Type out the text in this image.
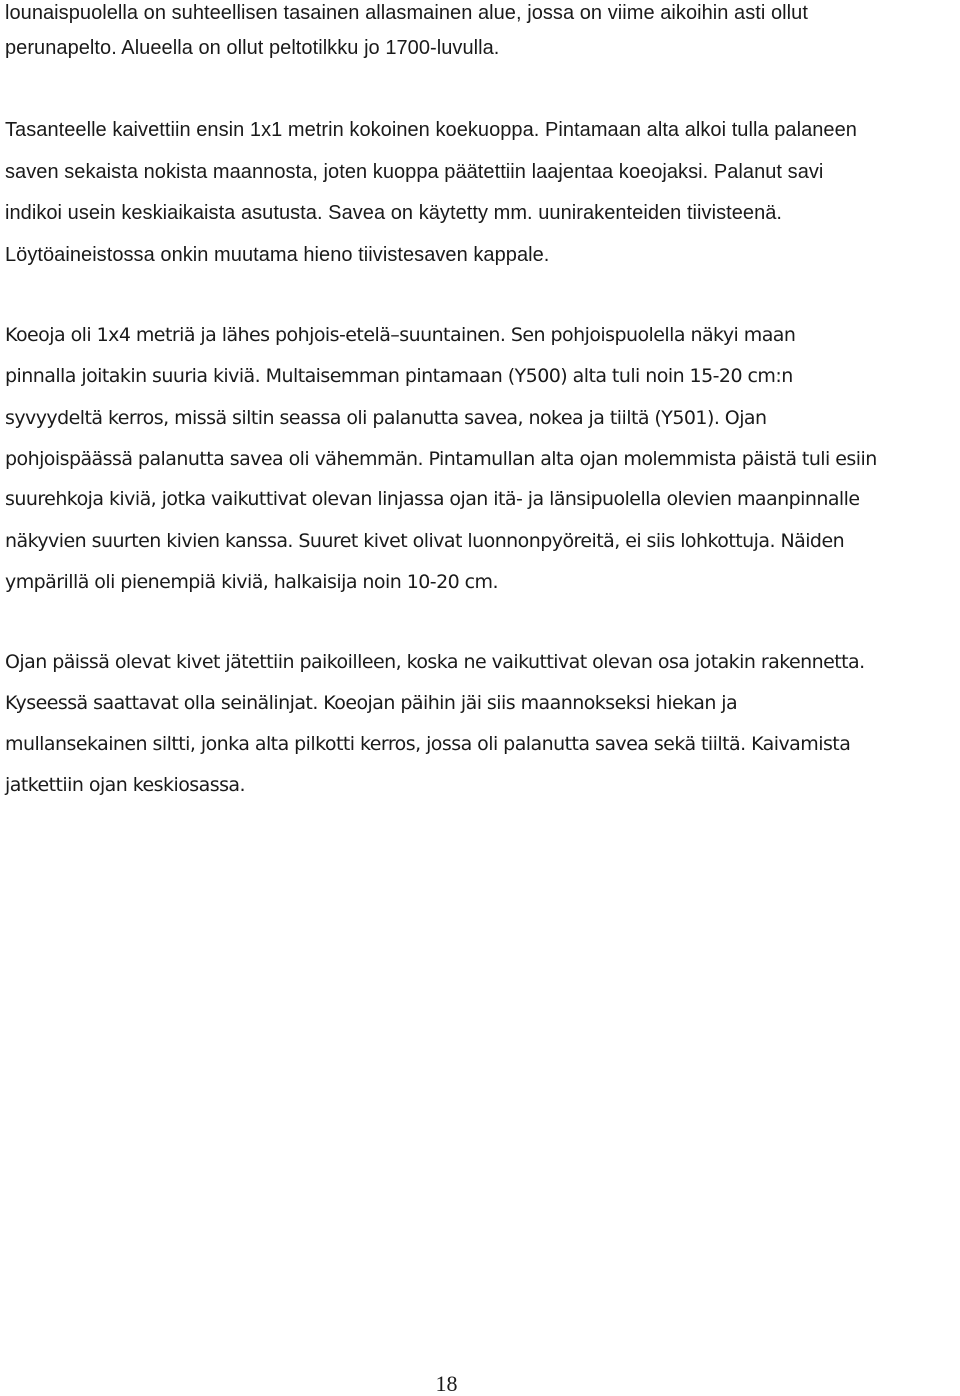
lounaispuolella on suhteellisen tasainen allasmainen alue, jossa on viime aikoihin asti ollut
perunapelto. Alueella on ollut peltotilkku jo 1700-luvulla.
Tasanteelle kaivettiin ensin 1x1 metrin kokoinen koekuoppa. Pintamaan alta alkoi tulla palaneen
saven sekaista nokista maannosta, joten kuoppa päätettiin laajentaa koeojaksi. Palanut savi
indikoi usein keskiaikaista asutusta. Savea on käytetty mm. uunirakenteiden tiivisteenä.
Löytöaineistossa onkin muutama hieno tiivistesaven kappale.
Koeoja oli 1x4 metriä ja lähes pohjois-etelä–suuntainen. Sen pohjoispuolella näkyi maan
pinnalla joitakin suuria kiviä. Multaisemman pintamaan (Y500) alta tuli noin 15-20 cm:n
syvyydeltä kerros, missä siltin seassa oli palanutta savea, nokea ja tiiltä (Y501). Ojan
pohjoispäässä palanutta savea oli vähemmän. Pintamullan alta ojan molemmista päistä tuli esiin
suurehkoja kiviä, jotka vaikuttivat olevan linjassa ojan itä- ja länsipuolella olevien maanpinnalle
näkyvien suurten kivien kanssa. Suuret kivet olivat luonnonpyöreitä, ei siis lohkottuja. Näiden
ympärillä oli pienempiä kiviä, halkaisija noin 10-20 cm.
Ojan päissä olevat kivet jätettiin paikoilleen, koska ne vaikuttivat olevan osa jotakin rakennetta.
Kyseessä saattavat olla seinälinjat. Koeojan päihin jäi siis maannokseksi hiekan ja
mullansekainen siltti, jonka alta pilkotti kerros, jossa oli palanutta savea sekä tiiltä. Kaivamista
jatkettiin ojan keskiosassa.
18
